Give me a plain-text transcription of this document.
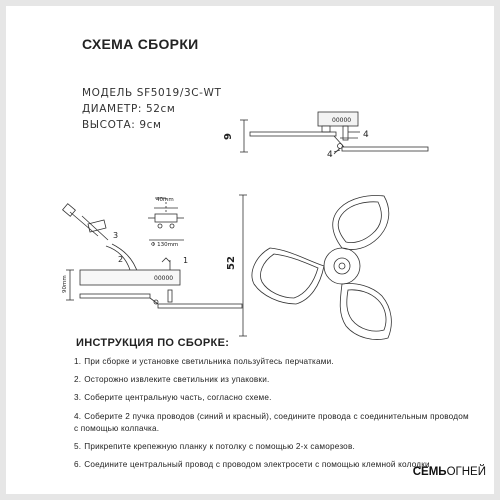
СХЕМА СБОРКИ
МОДЕЛЬ SF5019/3С-WT
ДИАМЕТР: 52см
ВЫСОТА: 9см
9
52
4
4
3
1
2
40mm
Φ 130mm
90mm
00000
00000
ИНСТРУКЦИЯ ПО СБОРКЕ:
1. При сборке и установке светильника пользуйтесь перчатками.
2. Осторожно извлеките светильник из упаковки.
3. Соберите центральную часть, согласно схеме.
4. Соберите 2 пучка проводов (синий и красный), соедините провода с соединительным проводом с помощью колпачка.
5. Прикрепите крепежную планку к потолку с помощью 2-х саморезов.
6. Соедините центральный провод с проводом электросети с помощью клемной колодки.
СЕМЬОГНЕЙ
